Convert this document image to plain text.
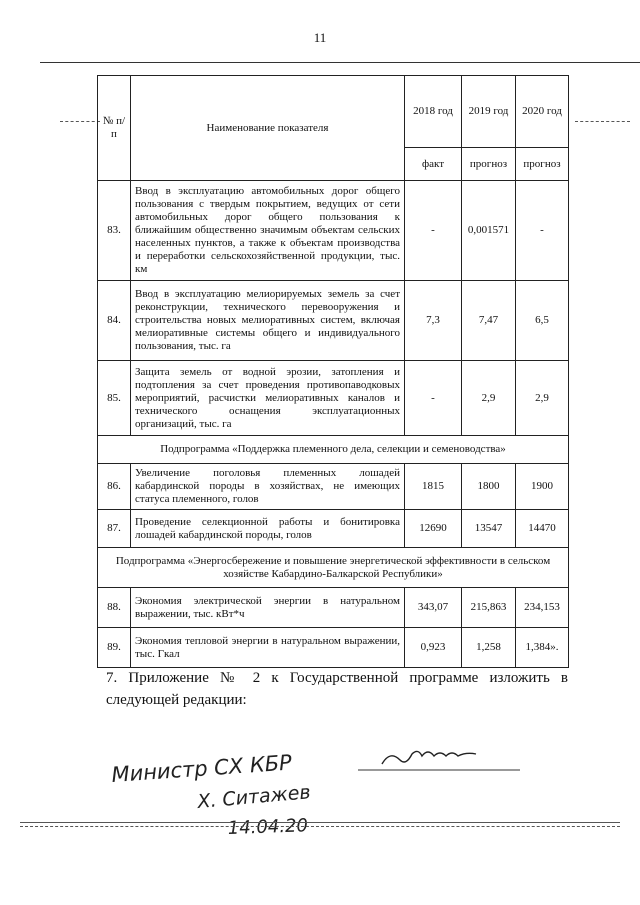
11
№ п/п	Наименование показателя	2018 год	2019 год	2020 год
		факт	прогноз	прогноз
83.	Ввод в эксплуатацию автомобильных дорог общего пользования с твердым покрытием, ведущих от сети автомобильных дорог общего пользования к ближайшим общественно значимым объектам сельских населенных пунктов, а также к объектам производства и переработки сельскохозяйственной продукции, тыс. км	-	0,001571	-
84.	Ввод в эксплуатацию мелиорируемых земель за счет реконструкции, технического перевооружения и строительства новых мелиоративных систем, включая мелиоративные системы общего и индивидуального пользования, тыс. га	7,3	7,47	6,5
85.	Защита земель от водной эрозии, затопления и подтопления за счет проведения противопаводковых мероприятий, расчистки мелиоративных каналов и технического оснащения эксплуатационных организаций, тыс. га	-	2,9	2,9
Подпрограмма «Поддержка племенного дела, селекции и семеноводства»				
86.	Увеличение поголовья племенных лошадей кабардинской породы в хозяйствах, не имеющих статуса племенного, голов	1815	1800	1900
87.	Проведение селекционной работы и бонитировка лошадей кабардинской породы, голов	12690	13547	14470
Подпрограмма «Энергосбережение и повышение энергетической эффективности в сельском хозяйстве Кабардино-Балкарской Республики»				
88.	Экономия электрической энергии в натуральном выражении, тыс. кВт*ч	343,07	215,863	234,153
89.	Экономия тепловой энергии в натуральном выражении, тыс. Гкал	0,923	1,258	1,384».
7. Приложение № 2 к Государственной программе изложить в следующей редакции:
Министр СХ КБР
Х. Ситажев
14.04.20
